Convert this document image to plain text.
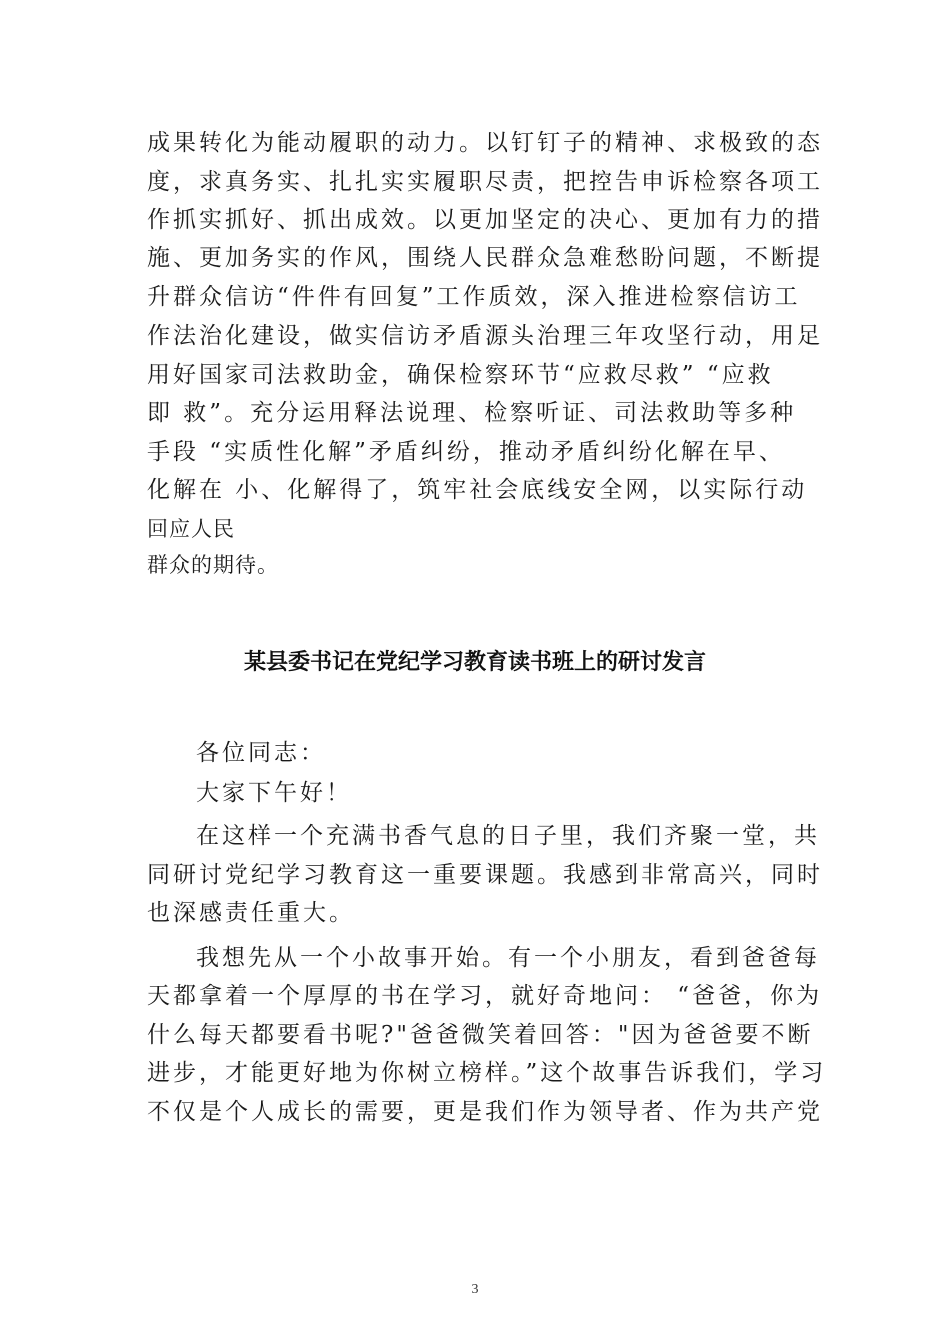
成果转化为能动履职的动力。以钉钉子的精神、求极致的态
度，求真务实、扎扎实实履职尽责，把控告申诉检察各项工
作抓实抓好、抓出成效。以更加坚定的决心、更加有力的措
施、更加务实的作风，围绕人民群众急难愁盼问题，不断提
升群众信访“件件有回复”工作质效，深入推进检察信访工
作法治化建设，做实信访矛盾源头治理三年攻坚行动，用足
用好国家司法救助金，确保检察环节“应救尽救” “应救
即 救”。充分运用释法说理、检察听证、司法救助等多种
手段 “实质性化解”矛盾纠纷，推动矛盾纠纷化解在早、
化解在 小、化解得了，筑牢社会底线安全网，以实际行动
回应人民
群众的期待。
某县委书记在党纪学习教育读书班上的研讨发言
各位同志：
大家下午好！
在这样一个充满书香气息的日子里，我们齐聚一堂，共
同研讨党纪学习教育这一重要课题。我感到非常高兴，同时
也深感责任重大。
我想先从一个小故事开始。有一个小朋友，看到爸爸每
天都拿着一个厚厚的书在学习，就好奇地问： “爸爸，你为
什么每天都要看书呢?"爸爸微笑着回答："因为爸爸要不断
进步，才能更好地为你树立榜样。”这个故事告诉我们，学习
不仅是个人成长的需要，更是我们作为领导者、作为共产党
3
